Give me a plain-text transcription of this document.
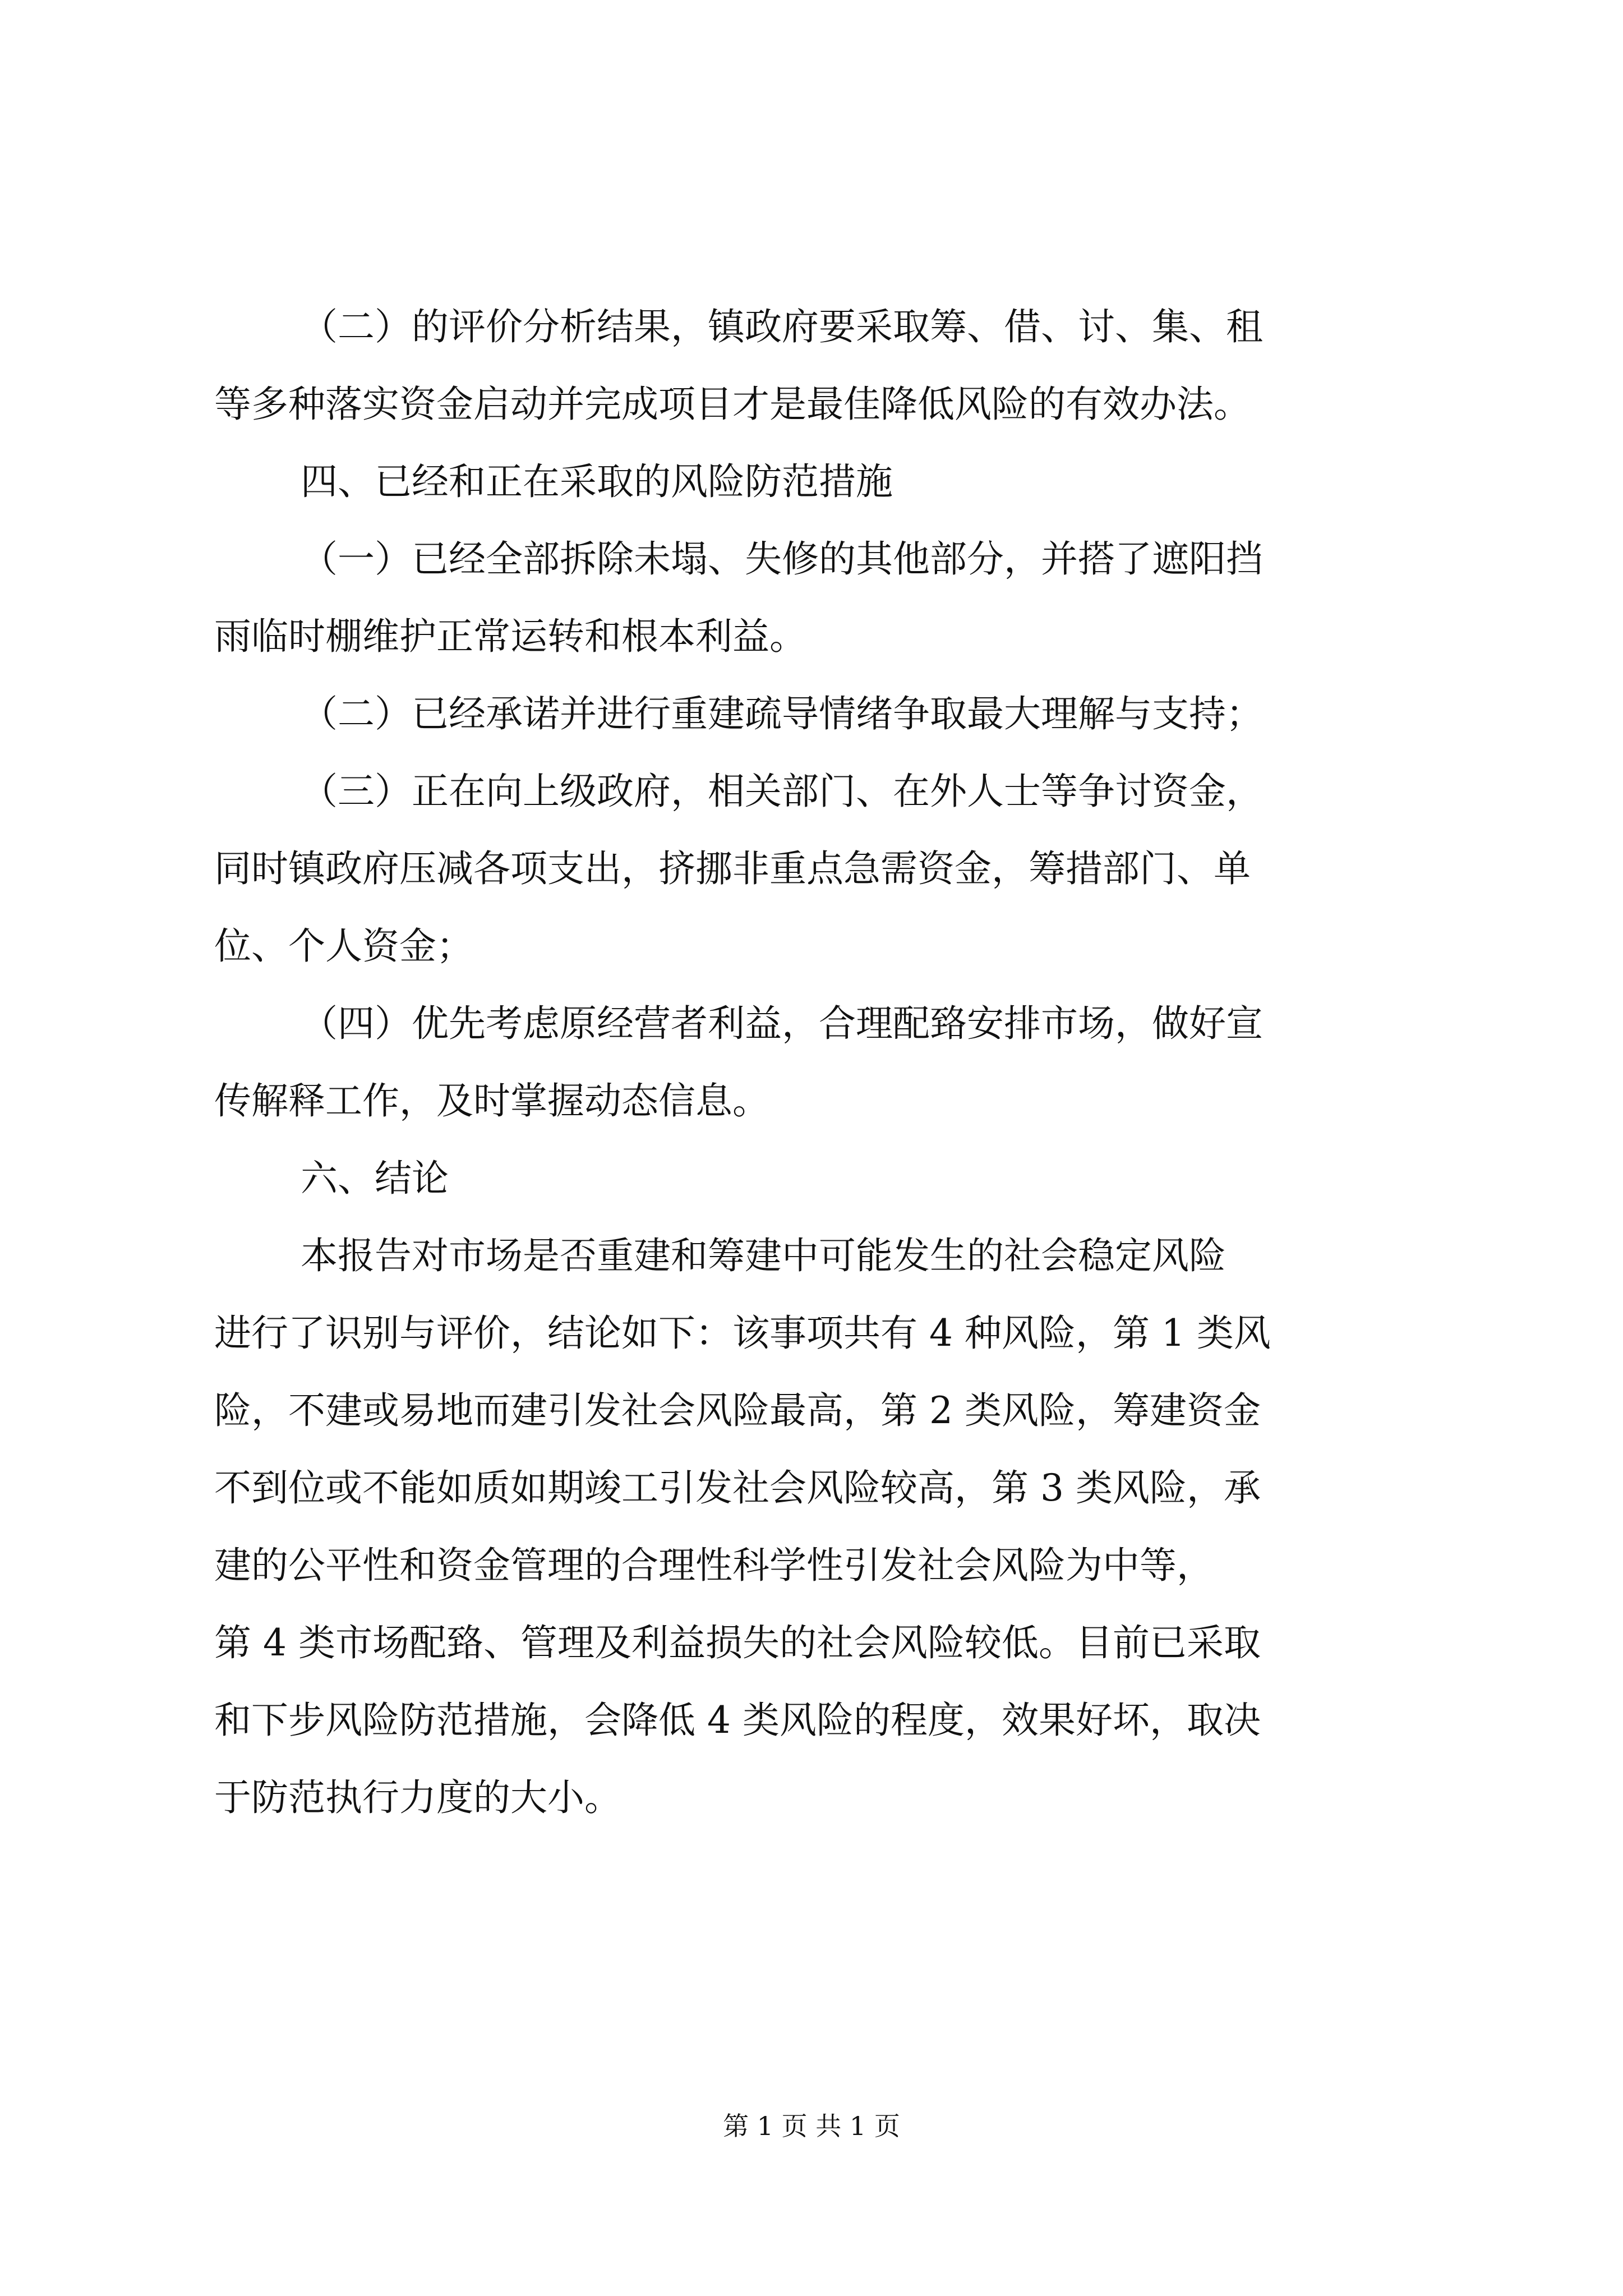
（二）的评价分析结果，镇政府要采取筹、借、讨、集、租
等多种落实资金启动并完成项目才是最佳降低风险的有效办法。
四、已经和正在采取的风险防范措施
（一）已经全部拆除未塌、失修的其他部分，并搭了遮阳挡
雨临时棚维护正常运转和根本利益。
（二）已经承诺并进行重建疏导情绪争取最大理解与支持；
（三）正在向上级政府，相关部门、在外人士等争讨资金，
同时镇政府压减各项支出，挤挪非重点急需资金，筹措部门、单
位、个人资金；
（四）优先考虑原经营者利益，合理配臵安排市场，做好宣
传解释工作，及时掌握动态信息。
六、结论
本报告对市场是否重建和筹建中可能发生的社会稳定风险
进行了识别与评价，结论如下：该事项共有 4 种风险，第 1 类风
险，不建或易地而建引发社会风险最高，第 2 类风险，筹建资金
不到位或不能如质如期竣工引发社会风险较高，第 3 类风险，承
建的公平性和资金管理的合理性科学性引发社会风险为中等，
第 4 类市场配臵、管理及利益损失的社会风险较低。目前已采取
和下步风险防范措施，会降低 4 类风险的程度，效果好坏，取决
于防范执行力度的大小。
第 1 页 共 1 页
